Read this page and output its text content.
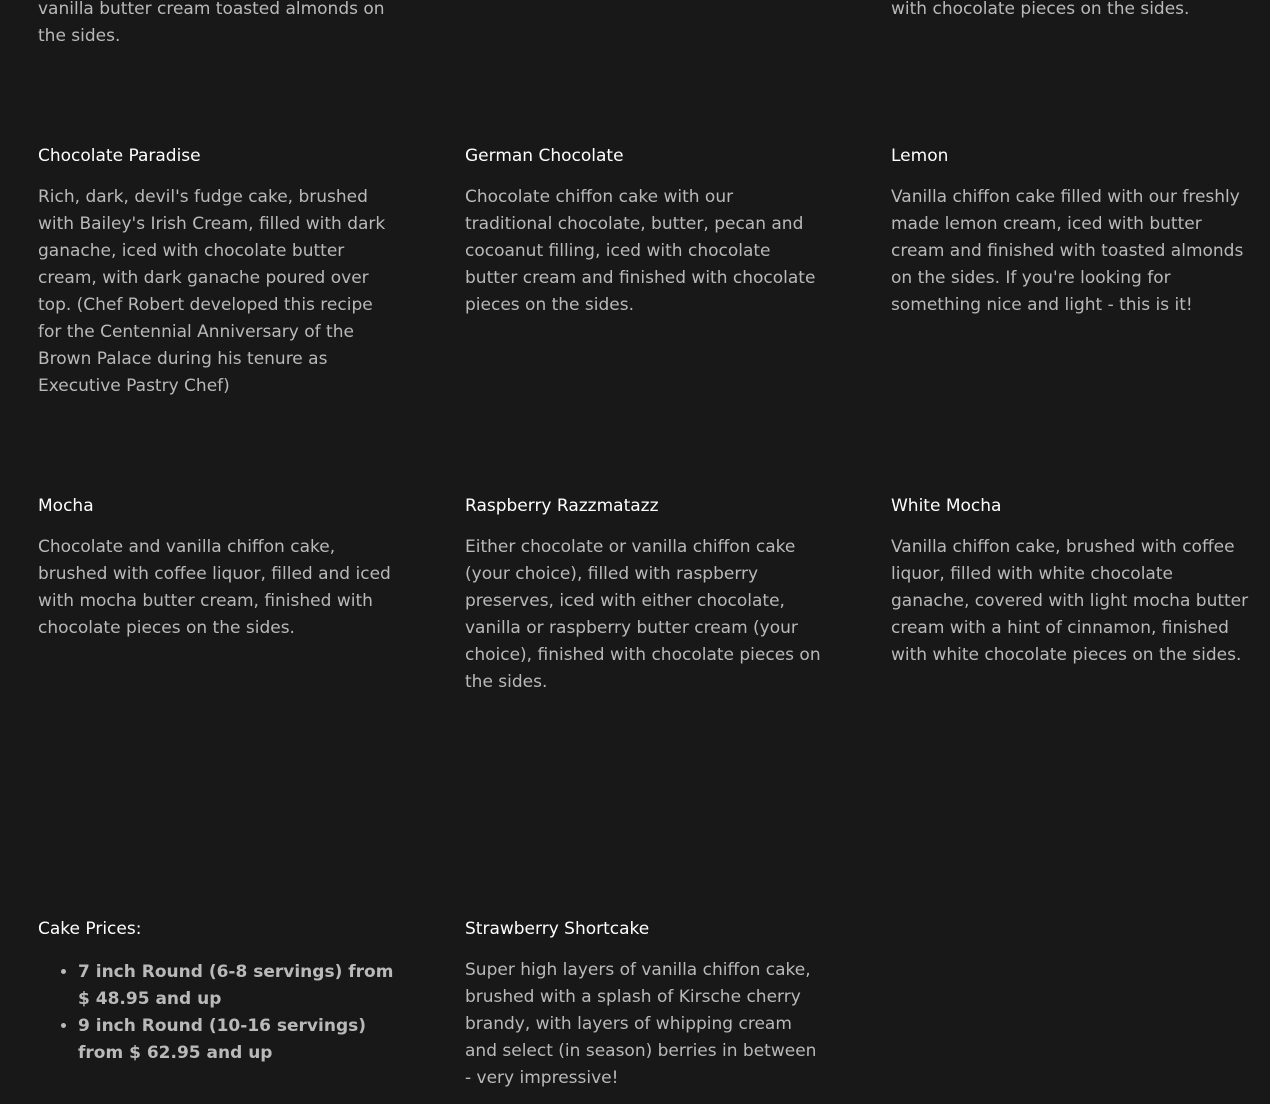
vanilla butter cream toasted almonds on the sides.

with chocolate pieces on the sides.

Chocolate Paradise

Rich, dark, devil's fudge cake, brushed with Bailey's Irish Cream, filled with dark ganache, iced with chocolate butter cream, with dark ganache poured over top. (Chef Robert developed this recipe for the Centennial Anniversary of the Brown Palace during his tenure as Executive Pastry Chef)

German Chocolate

Chocolate chiffon cake with our traditional chocolate, butter, pecan and cocoanut filling, iced with chocolate butter cream and finished with chocolate pieces on the sides.

Lemon

Vanilla chiffon cake filled with our freshly made lemon cream, iced with butter cream and finished with toasted almonds on the sides. If you're looking for something nice and light - this is it!

Mocha

Chocolate and vanilla chiffon cake, brushed with coffee liquor, filled and iced with mocha butter cream, finished with chocolate pieces on the sides.

Raspberry Razzmatazz

Either chocolate or vanilla chiffon cake (your choice), filled with raspberry preserves, iced with either chocolate, vanilla or raspberry butter cream (your choice), finished with chocolate pieces on the sides.

White Mocha

Vanilla chiffon cake, brushed with coffee liquor, filled with white chocolate ganache, covered with light mocha butter cream with a hint of cinnamon, finished with white chocolate pieces on the sides.

Cake Prices:
• 7 inch Round (6-8 servings) from $ 48.95 and up
• 9 inch Round (10-16 servings) from $ 62.95 and up
Strawberry Shortcake

Super high layers of vanilla chiffon cake, brushed with a splash of Kirsche cherry brandy, with layers of whipping cream and select (in season) berries in between - very impressive!
